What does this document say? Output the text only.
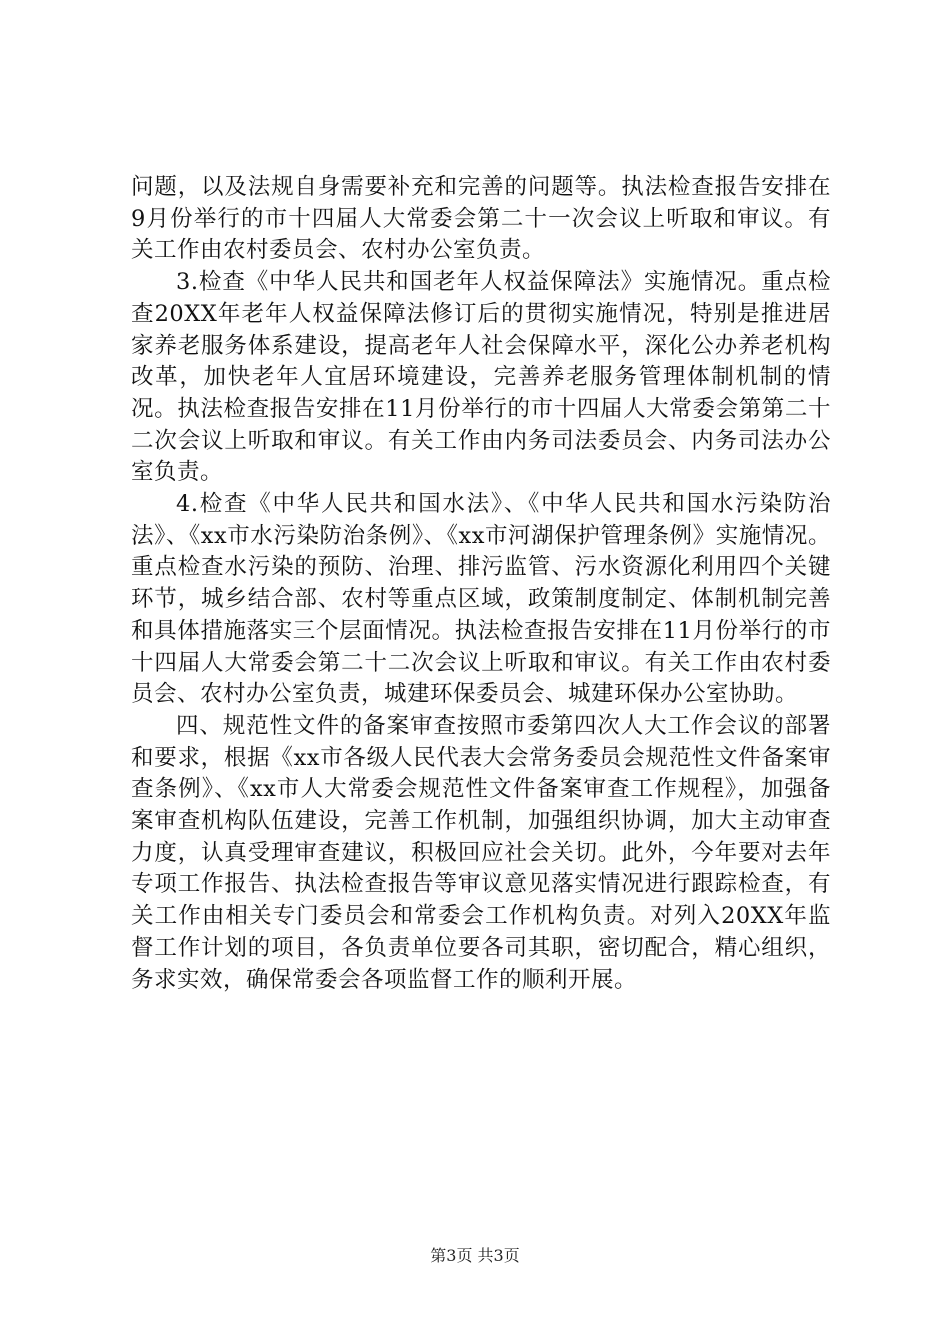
问题，以及法规自身需要补充和完善的问题等。执法检查报告安排在9月份举行的市十四届人大常委会第二十一次会议上听取和审议。有关工作由农村委员会、农村办公室负责。

3.检查《中华人民共和国老年人权益保障法》实施情况。重点检查20XX年老年人权益保障法修订后的贯彻实施情况，特别是推进居家养老服务体系建设，提高老年人社会保障水平，深化公办养老机构改革，加快老年人宜居环境建设，完善养老服务管理体制机制的情况。执法检查报告安排在11月份举行的市十四届人大常委会第第二十二次会议上听取和审议。有关工作由内务司法委员会、内务司法办公室负责。

4.检查《中华人民共和国水法》、《中华人民共和国水污染防治法》、《xx市水污染防治条例》、《xx市河湖保护管理条例》实施情况。重点检查水污染的预防、治理、排污监管、污水资源化利用四个关键环节，城乡结合部、农村等重点区域，政策制度制定、体制机制完善和具体措施落实三个层面情况。执法检查报告安排在11月份举行的市十四届人大常委会第二十二次会议上听取和审议。有关工作由农村委员会、农村办公室负责，城建环保委员会、城建环保办公室协助。

四、规范性文件的备案审查按照市委第四次人大工作会议的部署和要求，根据《xx市各级人民代表大会常务委员会规范性文件备案审查条例》、《xx市人大常委会规范性文件备案审查工作规程》，加强备案审查机构队伍建设，完善工作机制，加强组织协调，加大主动审查力度，认真受理审查建议，积极回应社会关切。此外，今年要对去年专项工作报告、执法检查报告等审议意见落实情况进行跟踪检查，有关工作由相关专门委员会和常委会工作机构负责。对列入20XX年监督工作计划的项目，各负责单位要各司其职，密切配合，精心组织，务求实效，确保常委会各项监督工作的顺利开展。

第3页 共3页
